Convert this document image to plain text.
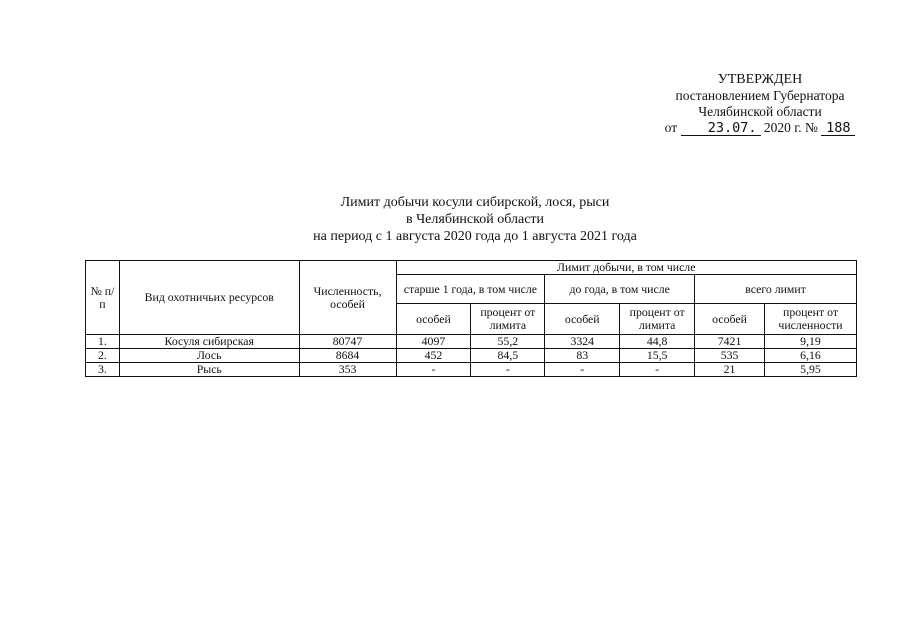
УТВЕРЖДЕН
постановлением Губернатора
Челябинской области
от 23.07. 2020 г. № 188
Лимит добычи косули сибирской, лося, рыси
в Челябинской области
на период с 1 августа 2020 года до 1 августа 2021 года
№ п/п	Вид охотничьих ресурсов	Численность, особей	Лимит добычи, в том числе					
			старше 1 года, в том числе		до года, в том числе		всего лимит	
			особей	процент от лимита	особей	процент от лимита	особей	процент от численности
1.	Косуля сибирская	80747	4097	55,2	3324	44,8	7421	9,19
2.	Лось	8684	452	84,5	83	15,5	535	6,16
3.	Рысь	353	-	-	-	-	21	5,95
